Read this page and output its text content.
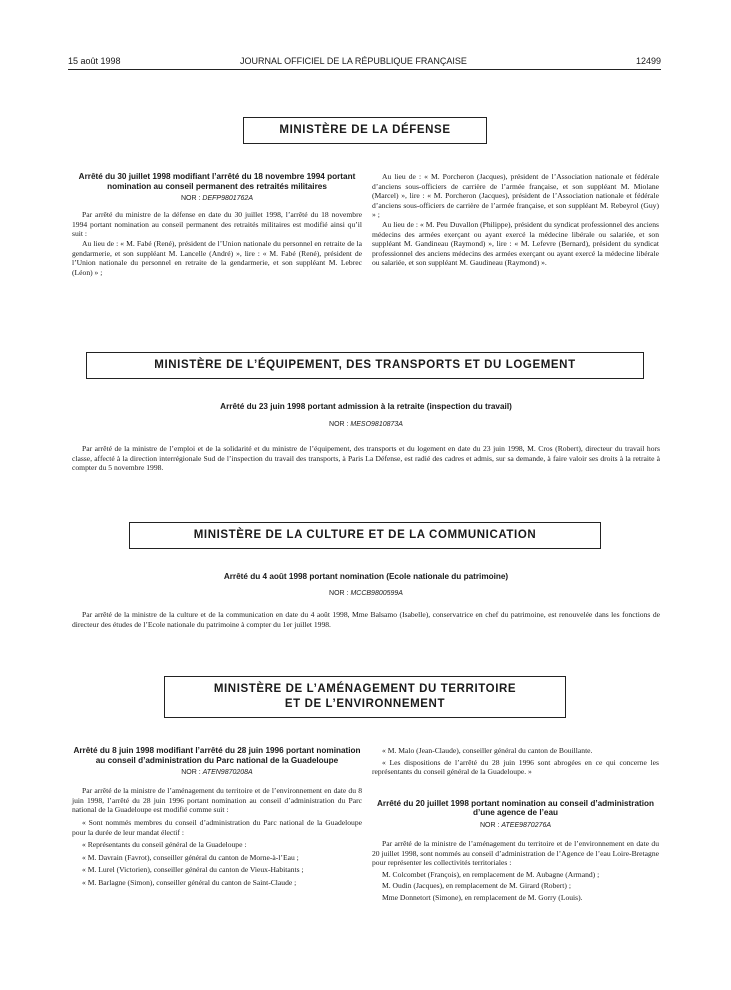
15 août 1998	JOURNAL OFFICIEL DE LA RÉPUBLIQUE FRANÇAISE	12499
MINISTÈRE DE LA DÉFENSE
Arrêté du 30 juillet 1998 modifiant l’arrêté du 18 novembre 1994 portant nomination au conseil permanent des retraités militaires
NOR : DEFP9801762A

Par arrêté du ministre de la défense en date du 30 juillet 1998, l’arrêté du 18 novembre 1994 portant nomination au conseil permanent des retraités militaires est modifié ainsi qu’il suit :

Au lieu de : « M. Fabé (René), président de l’Union nationale du personnel en retraite de la gendarmerie, et son suppléant M. Lancelle (André) », lire : « M. Fabé (René), président de l’Union nationale du personnel en retraite de la gendarmerie, et son suppléant M. Lebrec (Léon) » ;

Au lieu de : « M. Porcheron (Jacques), président de l’Association nationale et fédérale d’anciens sous-officiers de carrière de l’armée française, et son suppléant M. Miolane (Marcel) », lire : « M. Porcheron (Jacques), président de l’Association nationale et fédérale d’anciens sous-officiers de carrière de l’armée française, et son suppléant M. Rebeyrol (Guy) » ;

Au lieu de : « M. Peu Duvallon (Philippe), président du syndicat professionnel des anciens médecins des armées exerçant ou ayant exercé la médecine libérale ou salariée, et son suppléant M. Gandineau (Raymond) », lire : « M. Lefevre (Bernard), président du syndicat professionnel des anciens médecins des armées exerçant ou ayant exercé la médecine libérale ou salariée, et son suppléant M. Gaudineau (Raymond) ».

MINISTÈRE DE L’ÉQUIPEMENT, DES TRANSPORTS ET DU LOGEMENT
Arrêté du 23 juin 1998 portant admission à la retraite (inspection du travail)
NOR : MESO9810873A

Par arrêté de la ministre de l’emploi et de la solidarité et du ministre de l’équipement, des transports et du logement en date du 23 juin 1998, M. Cros (Robert), directeur du travail hors classe, affecté à la direction interrégionale Sud de l’inspection du travail des transports, à Paris La Défense, est radié des cadres et admis, sur sa demande, à faire valoir ses droits à la retraite à compter du 5 novembre 1998.

MINISTÈRE DE LA CULTURE ET DE LA COMMUNICATION
Arrêté du 4 août 1998 portant nomination (Ecole nationale du patrimoine)
NOR : MCCB9800599A

Par arrêté de la ministre de la culture et de la communication en date du 4 août 1998, Mme Balsamo (Isabelle), conservatrice en chef du patrimoine, est renouvelée dans les fonctions de directeur des études de l’Ecole nationale du patrimoine à compter du 1er juillet 1998.

MINISTÈRE DE L’AMÉNAGEMENT DU TERRITOIRE
ET DE L’ENVIRONNEMENT
Arrêté du 8 juin 1998 modifiant l’arrêté du 28 juin 1996 portant nomination au conseil d’administration du Parc national de la Guadeloupe
NOR : ATEN9870208A

Par arrêté de la ministre de l’aménagement du territoire et de l’environnement en date du 8 juin 1998, l’arrêté du 28 juin 1996 portant nomination au conseil d’administration du Parc national de la Guadeloupe est modifié comme suit :

« Sont nommés membres du conseil d’administration du Parc national de la Guadeloupe pour la durée de leur mandat électif :

« Représentants du conseil général de la Guadeloupe :

« M. Davrain (Favrot), conseiller général du canton de Morne-à-l’Eau ;

« M. Lurel (Victorien), conseiller général du canton de Vieux-Habitants ;

« M. Barlagne (Simon), conseiller général du canton de Saint-Claude ;

« M. Malo (Jean-Claude), conseiller général du canton de Bouillante.

« Les dispositions de l’arrêté du 28 juin 1996 sont abrogées en ce qui concerne les représentants du conseil général de la Guadeloupe. »

Arrêté du 20 juillet 1998 portant nomination au conseil d’administration d’une agence de l’eau
NOR : ATEE9870276A

Par arrêté de la ministre de l’aménagement du territoire et de l’environnement en date du 20 juillet 1998, sont nommés au conseil d’administration de l’Agence de l’eau Loire-Bretagne pour représenter les collectivités territoriales :

M. Colcombet (François), en remplacement de M. Aubagne (Armand) ;

M. Oudin (Jacques), en remplacement de M. Girard (Robert) ;

Mme Donnetort (Simone), en remplacement de M. Gorry (Louis).
